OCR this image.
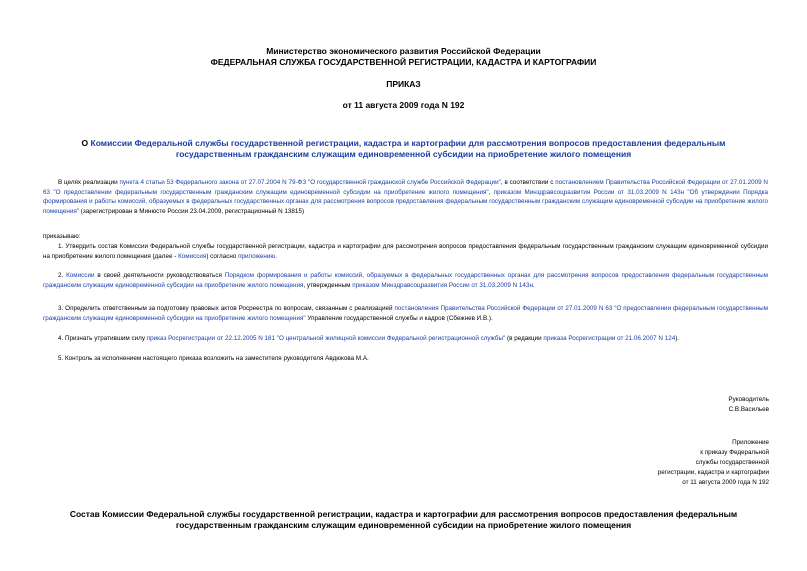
Министерство экономического развития Российской Федерации
ФЕДЕРАЛЬНАЯ СЛУЖБА ГОСУДАРСТВЕННОЙ РЕГИСТРАЦИИ, КАДАСТРА И КАРТОГРАФИИ
ПРИКАЗ
от 11 августа 2009 года N 192
О Комиссии Федеральной службы государственной регистрации, кадастра и картографии для рассмотрения вопросов предоставления федеральным
государственным гражданским служащим единовременной субсидии на приобретение жилого помещения
В целях реализации пункта 4 статьи 53 Федерального закона от 27.07.2004 N 79-ФЗ "О государственной гражданской службе Российской Федерации", в соответствии с постановлением Правительства Российской Федерации от 27.01.2009 N 63 "О предоставлении федеральным государственным гражданским служащим единовременной субсидии на приобретение жилого помещения", приказом Минздравсоцразвития России от 31.03.2009 N 143н "Об утверждении Порядка формирования и работы комиссий, образуемых в федеральных государственных органах для рассмотрения вопросов предоставления федеральным государственным гражданским служащим единовременной субсидии на приобретение жилого помещения" (зарегистрирован в Минюсте России 23.04.2009, регистрационный N 13815)
приказываю:
1. Утвердить состав Комиссии Федеральной службы государственной регистрации, кадастра и картографии для рассмотрения вопросов предоставления федеральным государственным гражданским служащим единовременной субсидии на приобретение жилого помещения (далее - Комиссия) согласно приложению.
2. Комиссии в своей деятельности руководствоваться Порядком формирования и работы комиссий, образуемых в федеральных государственных органах для рассмотрения вопросов предоставления федеральным государственным гражданским служащим единовременной субсидии на приобретение жилого помещения, утвержденным приказом Минздравсоцразвития России от 31.03.2009 N 143н.
3. Определить ответственным за подготовку правовых актов Росреестра по вопросам, связанным с реализацией постановления Правительства Российской Федерации от 27.01.2009 N 63 "О предоставлении федеральным государственным гражданским служащим единовременной субсидии на приобретение жилого помещения" Управление государственной службы и кадров (Сбежнев И.В.).
4. Признать утратившим силу приказ Росрегистрации от 22.12.2005 N 181 "О центральной жилищной комиссии Федеральной регистрационной службы" (в редакции приказа Росрегистрации от 21.06.2007 N 124).
5. Контроль за исполнением настоящего приказа возложить на заместителя руководителя Авдюкова М.А.
Руководитель
С.В.Васильев
Приложение
к приказу Федеральной
службы государственной
регистрации, кадастра и картографии
от 11 августа 2009 года N 192
Состав Комиссии Федеральной службы государственной регистрации, кадастра и картографии для рассмотрения вопросов предоставления федеральным
государственным гражданским служащим единовременной субсидии на приобретение жилого помещения
